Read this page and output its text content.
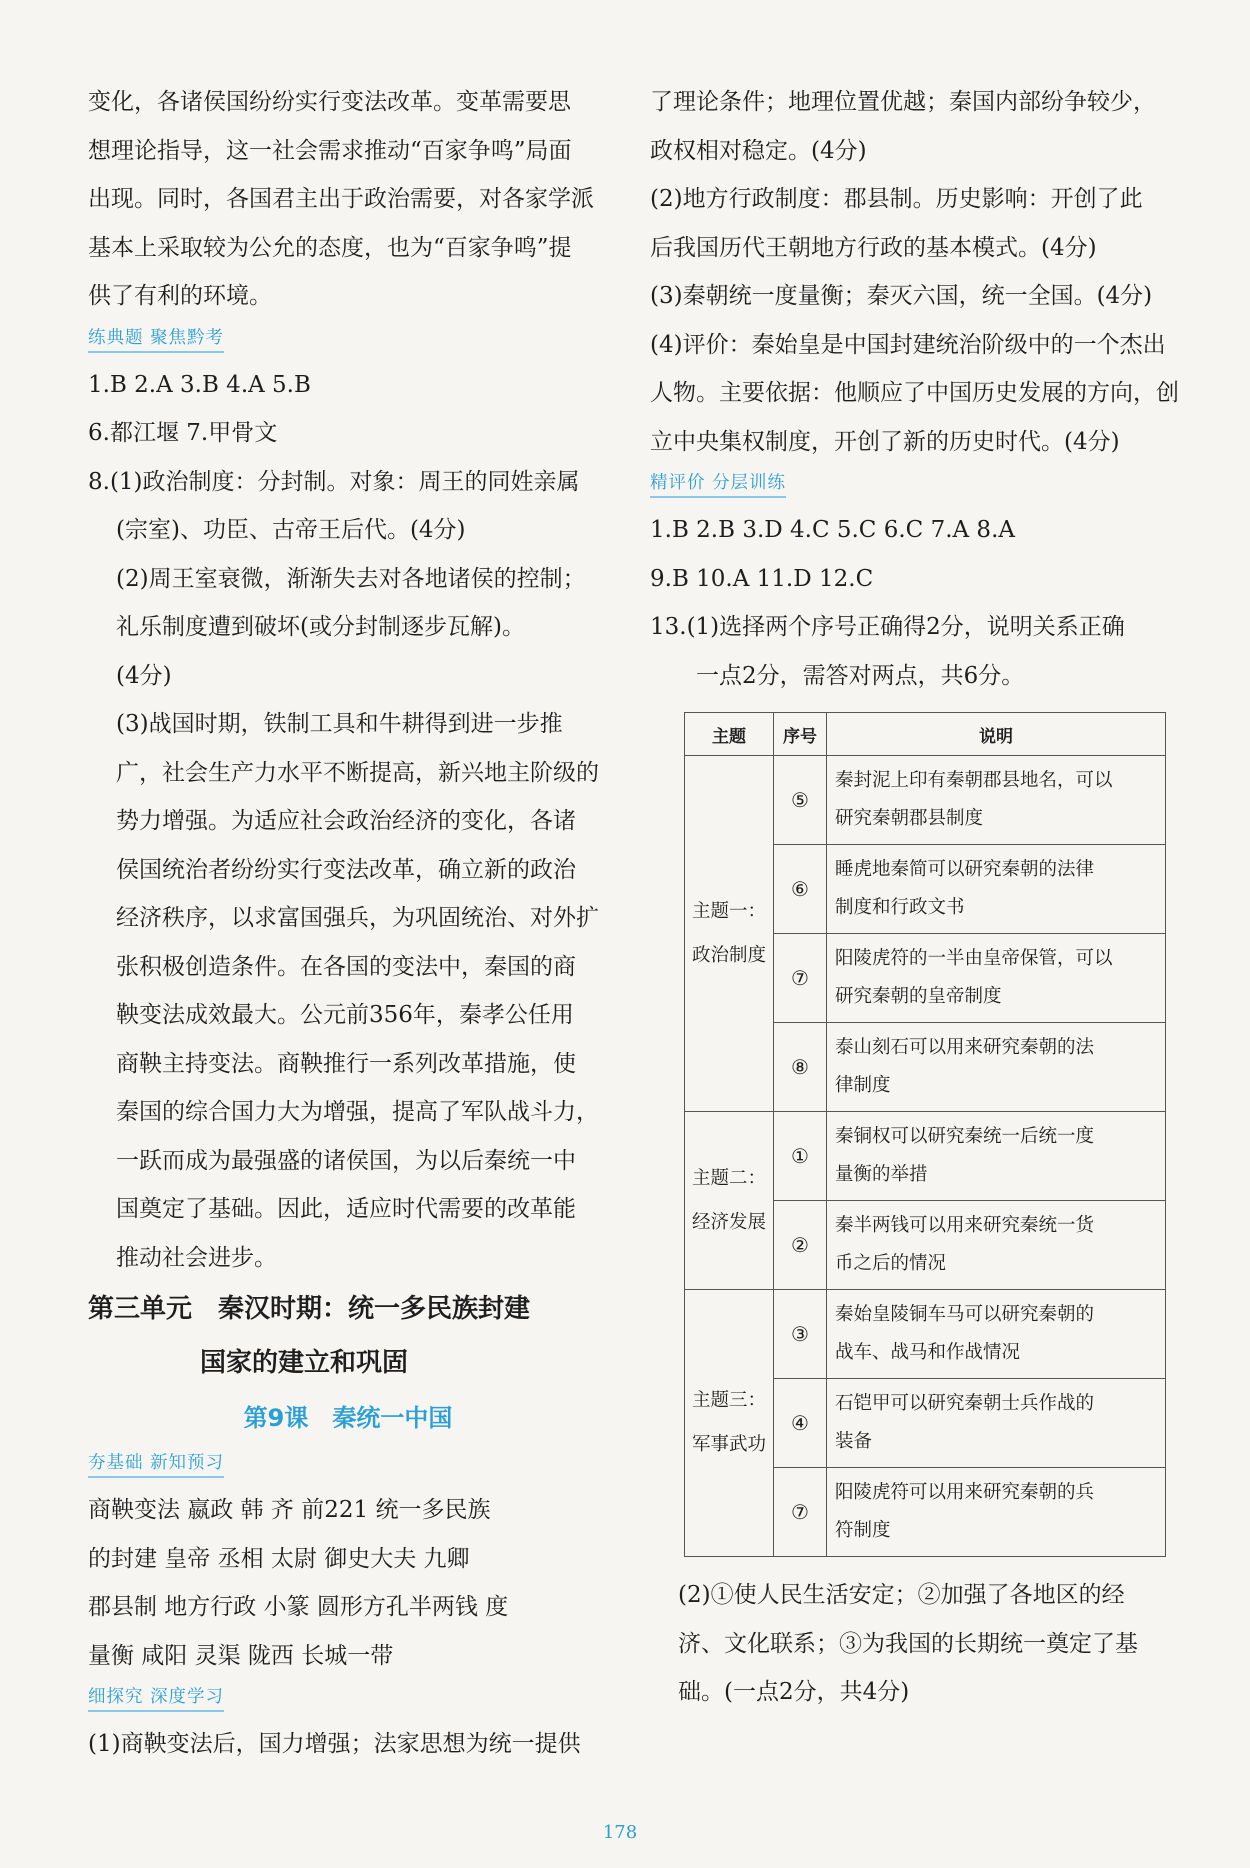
变化，各诸侯国纷纷实行变法改革。变革需要思
想理论指导，这一社会需求推动“百家争鸣”局面
出现。同时，各国君主出于政治需要，对各家学派
基本上采取较为公允的态度，也为“百家争鸣”提
供了有利的环境。
练典题 聚焦黔考
1.B 2.A 3.B 4.A 5.B
6.都江堰 7.甲骨文
8.(1)政治制度：分封制。对象：周王的同姓亲属
(宗室)、功臣、古帝王后代。(4分)
(2)周王室衰微，渐渐失去对各地诸侯的控制；
礼乐制度遭到破坏(或分封制逐步瓦解)。
(4分)
(3)战国时期，铁制工具和牛耕得到进一步推
广，社会生产力水平不断提高，新兴地主阶级的
势力增强。为适应社会政治经济的变化，各诸
侯国统治者纷纷实行变法改革，确立新的政治
经济秩序，以求富国强兵，为巩固统治、对外扩
张积极创造条件。在各国的变法中，秦国的商
鞅变法成效最大。公元前356年，秦孝公任用
商鞅主持变法。商鞅推行一系列改革措施，使
秦国的综合国力大为增强，提高了军队战斗力，
一跃而成为最强盛的诸侯国，为以后秦统一中
国奠定了基础。因此，适应时代需要的改革能
推动社会进步。
第三单元　秦汉时期：统一多民族封建
国家的建立和巩固
第9课　秦统一中国
夯基础 新知预习
商鞅变法 嬴政 韩 齐 前221 统一多民族
的封建 皇帝 丞相 太尉 御史大夫 九卿
郡县制 地方行政 小篆 圆形方孔半两钱 度
量衡 咸阳 灵渠 陇西 长城一带
细探究 深度学习
(1)商鞅变法后，国力增强；法家思想为统一提供
了理论条件；地理位置优越；秦国内部纷争较少，
政权相对稳定。(4分)
(2)地方行政制度：郡县制。历史影响：开创了此
后我国历代王朝地方行政的基本模式。(4分)
(3)秦朝统一度量衡；秦灭六国，统一全国。(4分)
(4)评价：秦始皇是中国封建统治阶级中的一个杰出
人物。主要依据：他顺应了中国历史发展的方向，创
立中央集权制度，开创了新的历史时代。(4分)
精评价 分层训练
1.B 2.B 3.D 4.C 5.C 6.C 7.A 8.A
9.B 10.A 11.D 12.C
13.(1)选择两个序号正确得2分，说明关系正确
一点2分，需答对两点，共6分。
主题	序号	说明
主题一：
政治制度	⑤	秦封泥上印有秦朝郡县地名，可以
研究秦朝郡县制度
	⑥	睡虎地秦简可以研究秦朝的法律
制度和行政文书
	⑦	阳陵虎符的一半由皇帝保管，可以
研究秦朝的皇帝制度
	⑧	泰山刻石可以用来研究秦朝的法
律制度
主题二：
经济发展	①	秦铜权可以研究秦统一后统一度
量衡的举措
	②	秦半两钱可以用来研究秦统一货
币之后的情况
主题三：
军事武功	③	秦始皇陵铜车马可以研究秦朝的
战车、战马和作战情况
	④	石铠甲可以研究秦朝士兵作战的
装备
	⑦	阳陵虎符可以用来研究秦朝的兵
符制度
(2)①使人民生活安定；②加强了各地区的经
济、文化联系；③为我国的长期统一奠定了基
础。(一点2分，共4分)
178
